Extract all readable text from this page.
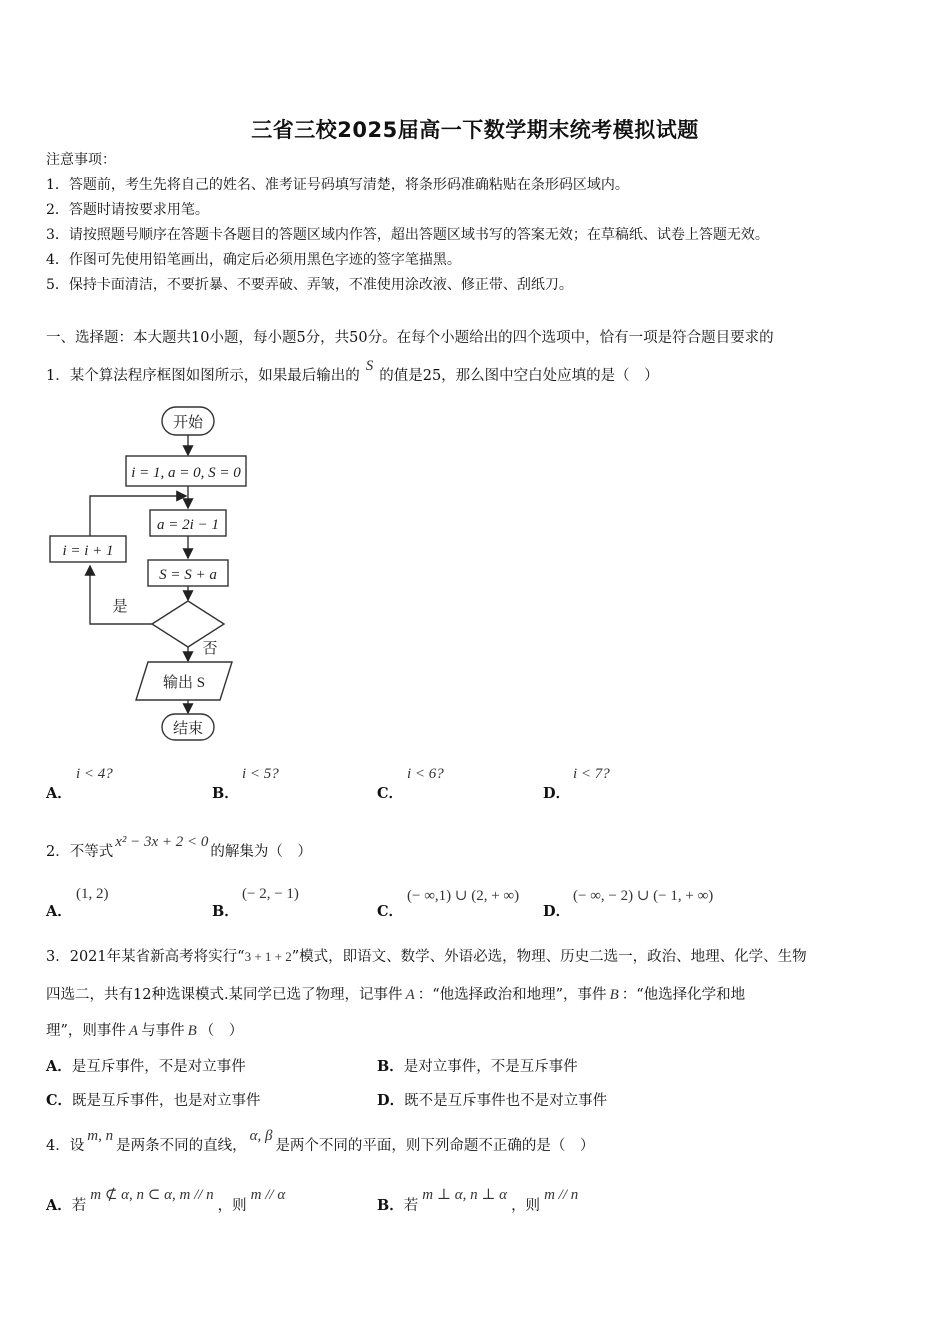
三省三校2025届高一下数学期末统考模拟试题
注意事项：
1．答题前，考生先将自己的姓名、准考证号码填写清楚，将条形码准确粘贴在条形码区域内。
2．答题时请按要求用笔。
3．请按照题号顺序在答题卡各题目的答题区域内作答，超出答题区域书写的答案无效；在草稿纸、试卷上答题无效。
4．作图可先使用铅笔画出，确定后必须用黑色字迹的签字笔描黑。
5．保持卡面清洁，不要折暴、不要弄破、弄皱，不准使用涂改液、修正带、刮纸刀。
一、选择题：本大题共10小题，每小题5分，共50分。在每个小题给出的四个选项中，恰有一项是符合题目要求的
1．某个算法程序框图如图所示，如果最后输出的S的值是25，那么图中空白处应填的是（　）
开始
i = 1, a = 0, S = 0
a = 2i − 1
S = S + a
i = i + 1
是
否
输出 S
结束
A．
i < 4?
B．
i < 5?
C．
i < 6?
D．
i < 7?
2．不等式x² − 3x + 2 < 0的解集为（　）
A．
(1, 2)
B．
(− 2, − 1)
C．
(− ∞,1) ∪ (2, + ∞)
D．
(− ∞, − 2) ∪ (− 1, + ∞)
3．2021年某省新高考将实行“3 + 1 + 2”模式，即语文、数学、外语必选，物理、历史二选一，政治、地理、化学、生物
四选二，共有12种选课模式.某同学已选了物理，记事件 A ：“他选择政治和地理”，事件 B ：“他选择化学和地
理”，则事件 A 与事件 B （　）
A．是互斥事件，不是对立事件	B．是对立事件，不是互斥事件
C．既是互斥事件，也是对立事件	D．既不是互斥事件也不是对立事件
4．设m, n是两条不同的直线，α, β是两个不同的平面，则下列命题不正确的是（　）
A．若m ⊄ α, n ⊂ α, m // n，则m // α
B．若m ⊥ α, n ⊥ α，则m // n
